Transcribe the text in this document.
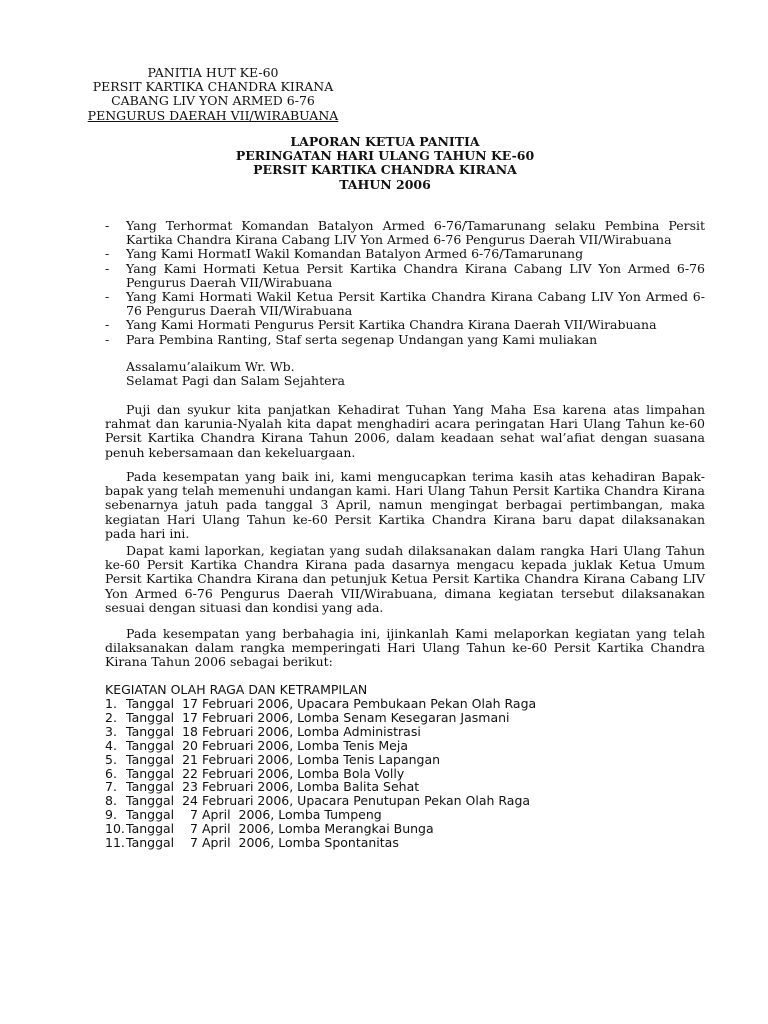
PANITIA HUT KE-60
PERSIT KARTIKA CHANDRA KIRANA
CABANG LIV YON ARMED 6-76
PENGURUS DAERAH VII/WIRABUANA
LAPORAN KETUA PANITIA
PERINGATAN HARI ULANG TAHUN KE-60
PERSIT KARTIKA CHANDRA KIRANA
TAHUN 2006
- Yang Terhormat Komandan Batalyon Armed 6-76/Tamarunang selaku Pembina Persit Kartika Chandra Kirana Cabang LIV Yon Armed 6-76 Pengurus Daerah VII/Wirabuana
- Yang Kami HormatI Wakil Komandan Batalyon Armed 6-76/Tamarunang
- Yang Kami Hormati Ketua Persit Kartika Chandra Kirana Cabang LIV Yon Armed 6-76 Pengurus Daerah VII/Wirabuana
- Yang Kami Hormati Wakil Ketua Persit Kartika Chandra Kirana Cabang LIV Yon Armed 6-76 Pengurus Daerah VII/Wirabuana
- Yang Kami Hormati Pengurus Persit Kartika Chandra Kirana Daerah VII/Wirabuana
- Para Pembina Ranting, Staf serta segenap Undangan yang Kami muliakan
Assalamu’alaikum Wr. Wb.
Selamat Pagi dan Salam Sejahtera
Puji dan syukur kita panjatkan Kehadirat Tuhan Yang Maha Esa karena atas limpahan rahmat dan karunia-Nyalah kita dapat menghadiri acara peringatan Hari Ulang Tahun ke-60 Persit Kartika Chandra Kirana Tahun 2006, dalam keadaan sehat wal’afiat dengan suasana penuh kebersamaan dan kekeluargaan.
Pada kesempatan yang baik ini, kami mengucapkan terima kasih atas kehadiran Bapak-bapak yang telah memenuhi undangan kami. Hari Ulang Tahun Persit Kartika Chandra Kirana sebenarnya jatuh pada tanggal 3 April, namun mengingat berbagai pertimbangan, maka kegiatan Hari Ulang Tahun ke-60 Persit Kartika Chandra Kirana baru dapat dilaksanakan pada hari ini.
Dapat kami laporkan, kegiatan yang sudah dilaksanakan dalam rangka Hari Ulang Tahun ke-60 Persit Kartika Chandra Kirana pada dasarnya mengacu kepada juklak Ketua Umum Persit Kartika Chandra Kirana dan petunjuk Ketua Persit Kartika Chandra Kirana Cabang LIV Yon Armed 6-76 Pengurus Daerah VII/Wirabuana, dimana kegiatan tersebut dilaksanakan sesuai dengan situasi dan kondisi yang ada.
Pada kesempatan yang berbahagia ini, ijinkanlah Kami melaporkan kegiatan yang telah dilaksanakan dalam rangka memperingati Hari Ulang Tahun ke-60 Persit Kartika Chandra Kirana Tahun 2006 sebagai berikut:
KEGIATAN OLAH RAGA DAN KETRAMPILAN
1. Tanggal  17 Februari 2006, Upacara Pembukaan Pekan Olah Raga
2. Tanggal  17 Februari 2006, Lomba Senam Kesegaran Jasmani
3. Tanggal  18 Februari 2006, Lomba Administrasi
4. Tanggal  20 Februari 2006, Lomba Tenis Meja
5. Tanggal  21 Februari 2006, Lomba Tenis Lapangan
6. Tanggal  22 Februari 2006, Lomba Bola Volly
7. Tanggal  23 Februari 2006, Lomba Balita Sehat
8. Tanggal  24 Februari 2006, Upacara Penutupan Pekan Olah Raga
9. Tanggal    7 April  2006, Lomba Tumpeng
10.Tanggal    7 April  2006, Lomba Merangkai Bunga
11.Tanggal    7 April  2006, Lomba Spontanitas
